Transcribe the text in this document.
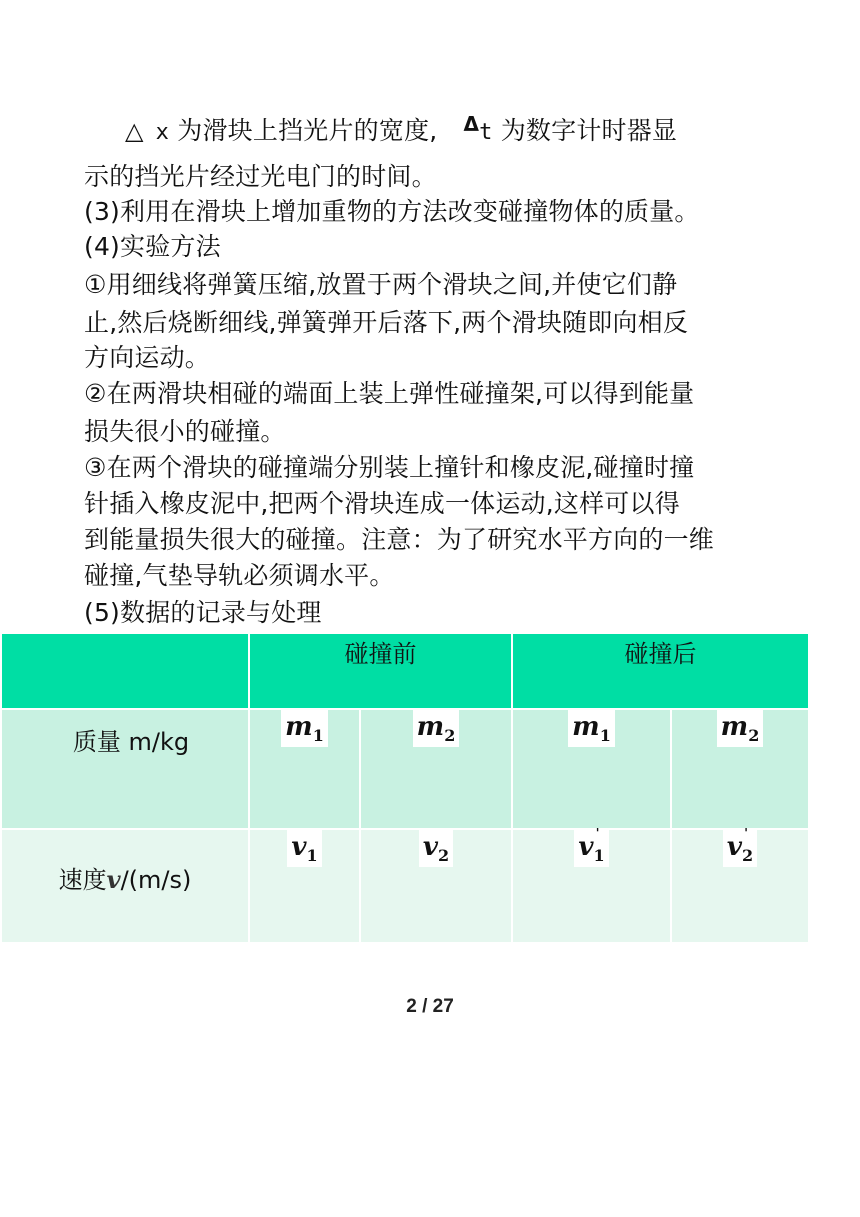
△ x 为滑块上挡光片的宽度, $^\Delta$t 为数字计时器显
示的挡光片经过光电门的时间。
(3)利用在滑块上增加重物的方法改变碰撞物体的质量。
(4)实验方法
①用细线将弹簧压缩,放置于两个滑块之间,并使它们静
止,然后烧断细线,弹簧弹开后落下,两个滑块随即向相反
方向运动。
②在两滑块相碰的端面上装上弹性碰撞架,可以得到能量
损失很小的碰撞。
③在两个滑块的碰撞端分别装上撞针和橡皮泥,碰撞时撞
针插入橡皮泥中,把两个滑块连成一体运动,这样可以得
到能量损失很大的碰撞。注意：为了研究水平方向的一维
碰撞,气垫导轨必须调水平。
(5)数据的记录与处理
	碰撞前		碰撞后	
质量 m/kg	$m_1$	$m_2$	$m_1$	$m_2$
速度v/(m/s)	$v_1$	$v_2$	v '$_1$	v '$_2$
2 / 27
